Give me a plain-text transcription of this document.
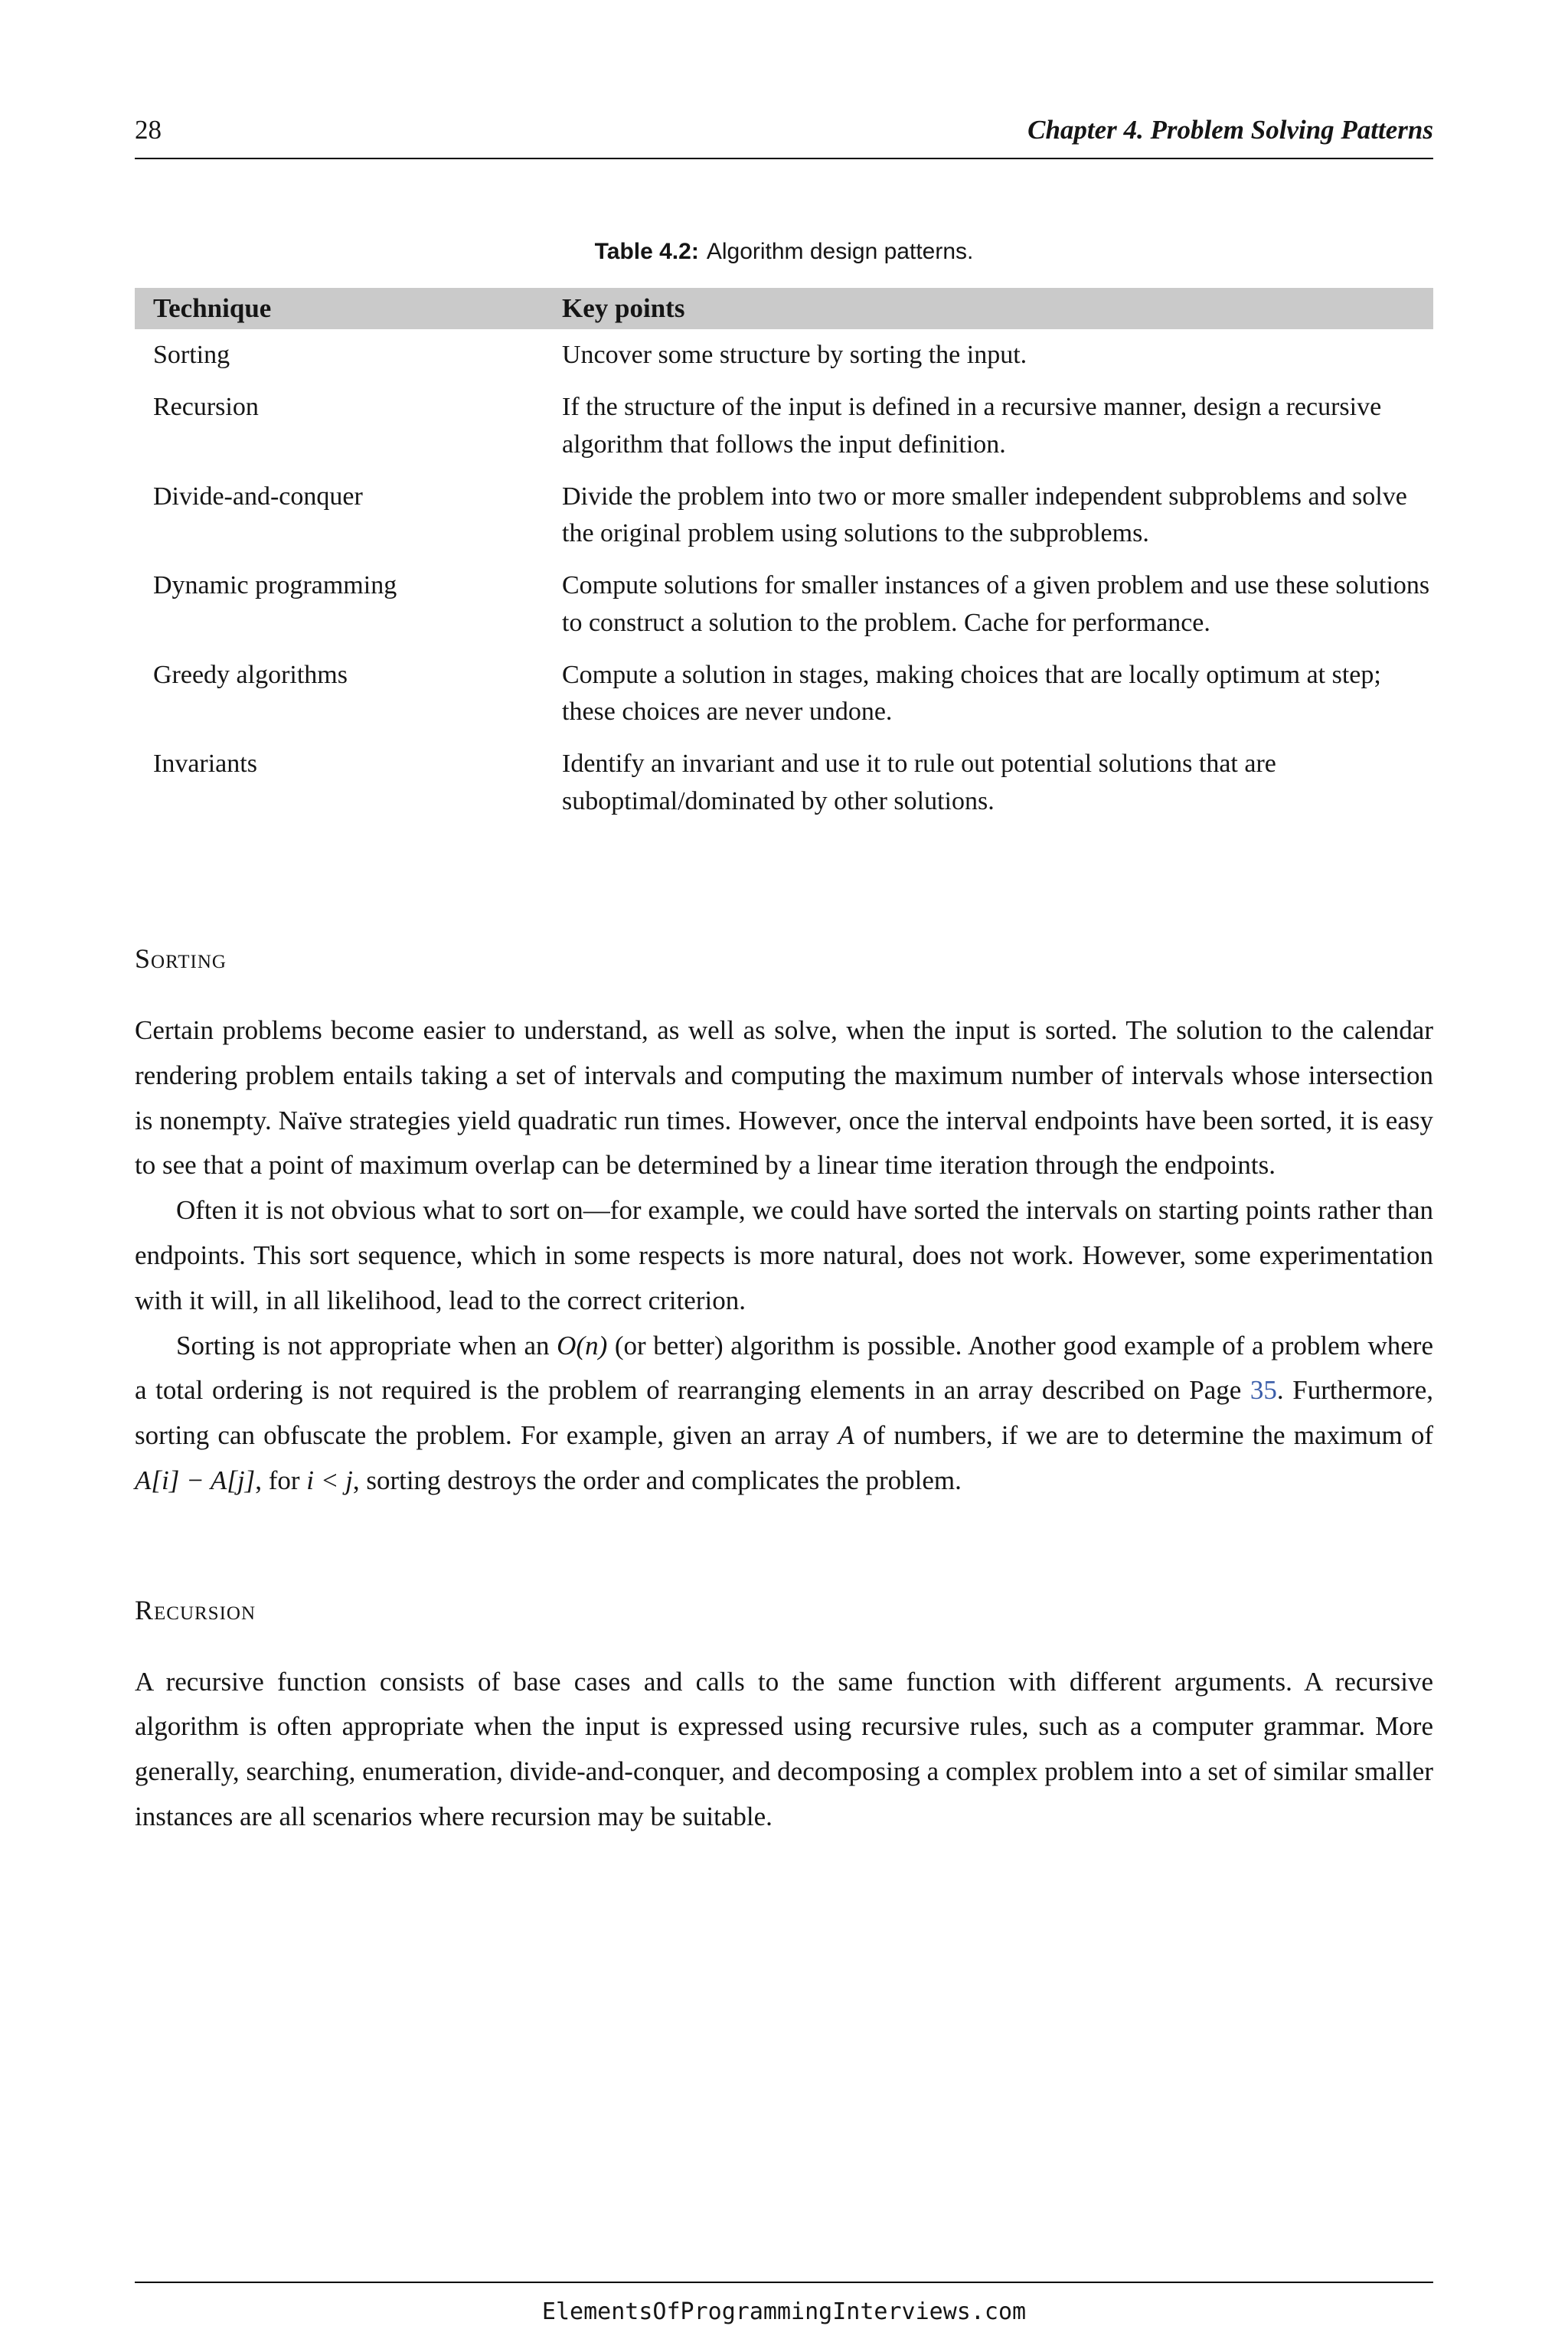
28	Chapter 4. Problem Solving Patterns
Table 4.2: Algorithm design patterns.
Technique	Key points
Sorting	Uncover some structure by sorting the input.
Recursion	If the structure of the input is defined in a recursive manner, design a recursive algorithm that follows the input definition.
Divide-and-conquer	Divide the problem into two or more smaller independent subproblems and solve the original problem using solutions to the subproblems.
Dynamic programming	Compute solutions for smaller instances of a given problem and use these solutions to construct a solution to the problem. Cache for performance.
Greedy algorithms	Compute a solution in stages, making choices that are locally optimum at step; these choices are never undone.
Invariants	Identify an invariant and use it to rule out potential solutions that are suboptimal/dominated by other solutions.
Sorting

Certain problems become easier to understand, as well as solve, when the input is sorted. The solution to the calendar rendering problem entails taking a set of intervals and computing the maximum number of intervals whose intersection is nonempty. Naïve strategies yield quadratic run times. However, once the interval endpoints have been sorted, it is easy to see that a point of maximum overlap can be determined by a linear time iteration through the endpoints.

Often it is not obvious what to sort on—for example, we could have sorted the intervals on starting points rather than endpoints. This sort sequence, which in some respects is more natural, does not work. However, some experimentation with it will, in all likelihood, lead to the correct criterion.

Sorting is not appropriate when an O(n) (or better) algorithm is possible. Another good example of a problem where a total ordering is not required is the problem of rearranging elements in an array described on Page 35. Furthermore, sorting can obfuscate the problem. For example, given an array A of numbers, if we are to determine the maximum of A[i] − A[j], for i < j, sorting destroys the order and complicates the problem.

Recursion

A recursive function consists of base cases and calls to the same function with different arguments. A recursive algorithm is often appropriate when the input is expressed using recursive rules, such as a computer grammar. More generally, searching, enumeration, divide-and-conquer, and decomposing a complex problem into a set of similar smaller instances are all scenarios where recursion may be suitable.

ElementsOfProgrammingInterviews.com
